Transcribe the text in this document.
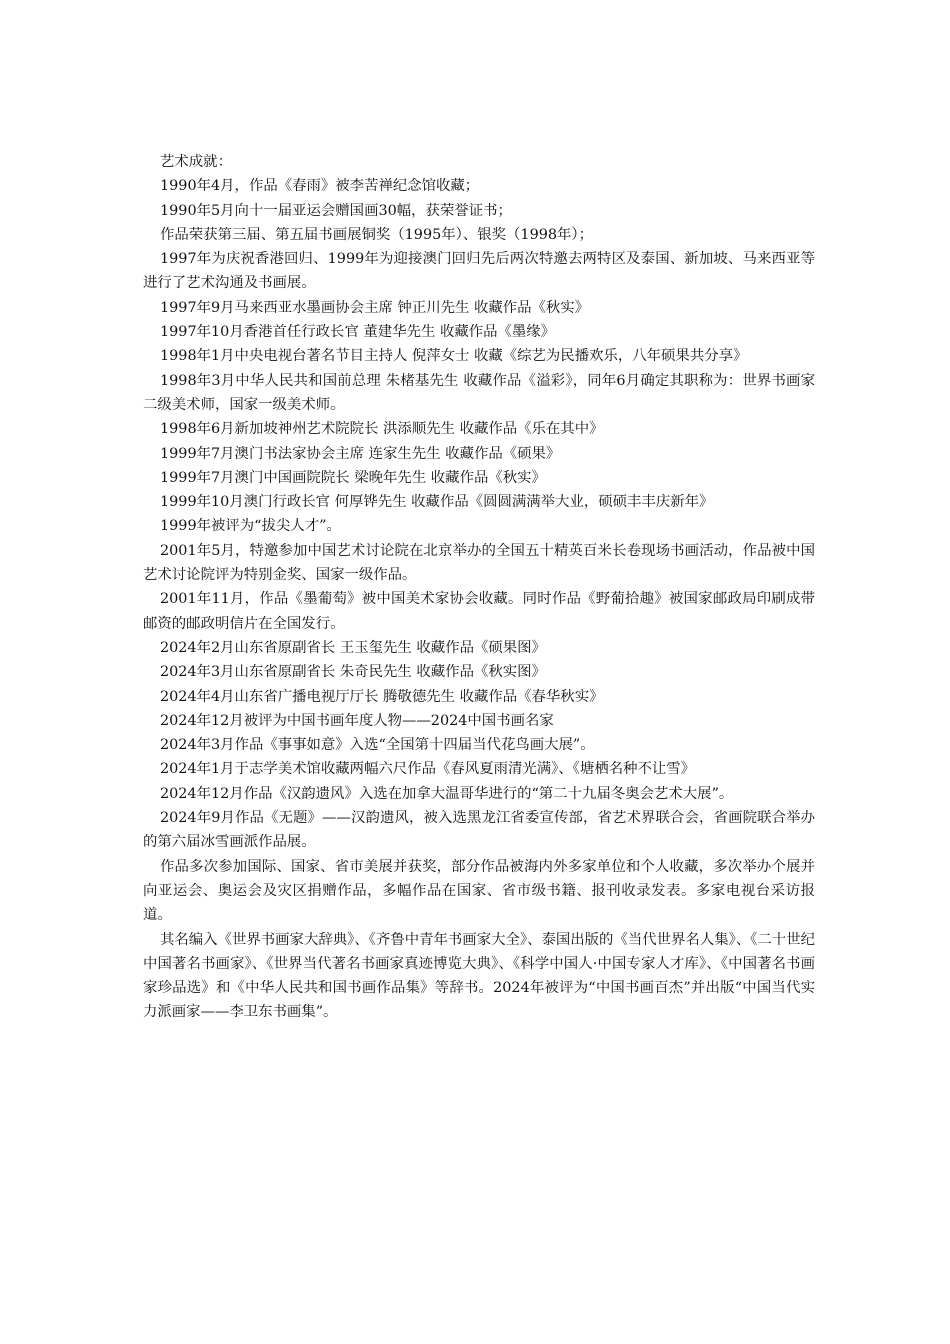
艺术成就：

1990年4月，作品《春雨》被李苦禅纪念馆收藏；

1990年5月向十一届亚运会赠国画30幅，获荣誉证书；

作品荣获第三届、第五届书画展铜奖（1995年）、银奖（1998年）；

1997年为庆祝香港回归、1999年为迎接澳门回归先后两次特邀去两特区及泰国、新加坡、马来西亚等进行了艺术沟通及书画展。

1997年9月马来西亚水墨画协会主席 钟正川先生 收藏作品《秋实》

1997年10月香港首任行政长官 董建华先生 收藏作品《墨缘》

1998年1月中央电视台著名节目主持人 倪萍女士 收藏《综艺为民播欢乐，八年硕果共分享》

1998年3月中华人民共和国前总理 朱楮基先生 收藏作品《溢彩》，同年6月确定其职称为：世界书画家二级美术师，国家一级美术师。

1998年6月新加坡神州艺术院院长 洪添顺先生 收藏作品《乐在其中》

1999年7月澳门书法家协会主席 连家生先生 收藏作品《硕果》

1999年7月澳门中国画院院长 梁晚年先生 收藏作品《秋实》

1999年10月澳门行政长官 何厚铧先生 收藏作品《圆圆满满举大业，硕硕丰丰庆新年》

1999年被评为“拔尖人才”。

2001年5月，特邀参加中国艺术讨论院在北京举办的全国五十精英百米长卷现场书画活动，作品被中国艺术讨论院评为特别金奖、国家一级作品。

2001年11月，作品《墨葡萄》被中国美术家协会收藏。同时作品《野葡拾趣》被国家邮政局印刷成带邮资的邮政明信片在全国发行。

2024年2月山东省原副省长 王玉玺先生 收藏作品《硕果图》

2024年3月山东省原副省长 朱奇民先生 收藏作品《秋实图》

2024年4月山东省广播电视厅厅长 腾敬德先生 收藏作品《春华秋实》

2024年12月被评为中国书画年度人物——2024中国书画名家

2024年3月作品《事事如意》入选“全国第十四届当代花鸟画大展”。

2024年1月于志学美术馆收藏两幅六尺作品《春风夏雨清光满》、《塘栖名种不让雪》

2024年12月作品《汉韵遗风》入选在加拿大温哥华进行的“第二十九届冬奥会艺术大展”。

2024年9月作品《无题》——汉韵遗风，被入选黑龙江省委宣传部，省艺术界联合会，省画院联合举办的第六届冰雪画派作品展。

作品多次参加国际、国家、省市美展并获奖，部分作品被海内外多家单位和个人收藏，多次举办个展并向亚运会、奥运会及灾区捐赠作品，多幅作品在国家、省市级书籍、报刊收录发表。多家电视台采访报道。

其名编入《世界书画家大辞典》、《齐鲁中青年书画家大全》、泰国出版的《当代世界名人集》、《二十世纪中国著名书画家》、《世界当代著名书画家真迹博览大典》、《科学中国人·中国专家人才库》、《中国著名书画家珍品选》和《中华人民共和国书画作品集》等辞书。2024年被评为“中国书画百杰”并出版“中国当代实力派画家——李卫东书画集”。
